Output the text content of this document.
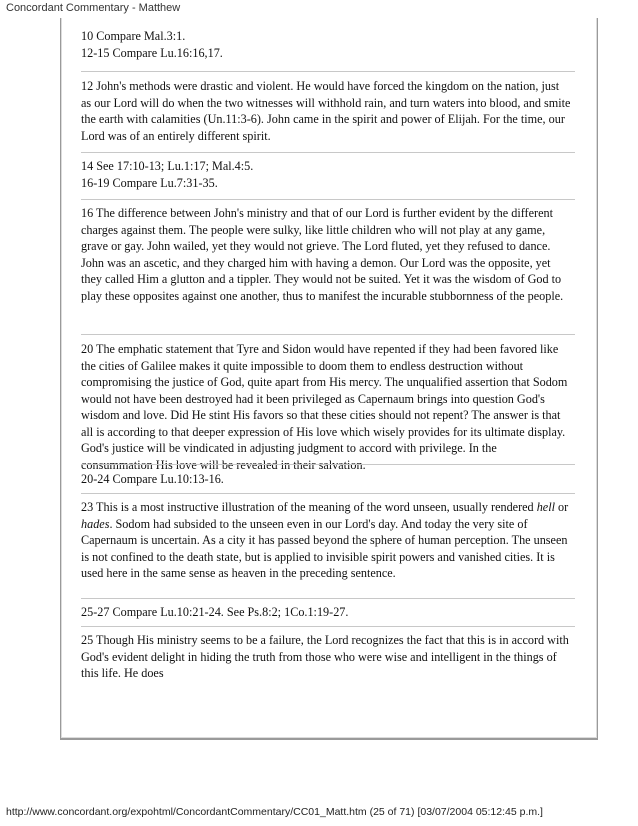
Concordant Commentary - Matthew

10 Compare Mal.3:1.

12-15 Compare Lu.16:16,17.

12 John's methods were drastic and violent. He would have forced the kingdom on the nation, just as our Lord will do when the two witnesses will withhold rain, and turn waters into blood, and smite the earth with calamities (Un.11:3-6). John came in the spirit and power of Elijah. For the time, our Lord was of an entirely different spirit.

14 See 17:10-13; Lu.1:17; Mal.4:5.

16-19 Compare Lu.7:31-35.

16 The difference between John's ministry and that of our Lord is further evident by the different charges against them. The people were sulky, like little children who will not play at any game, grave or gay. John wailed, yet they would not grieve. The Lord fluted, yet they refused to dance. John was an ascetic, and they charged him with having a demon. Our Lord was the opposite, yet they called Him a glutton and a tippler. They would not be suited. Yet it was the wisdom of God to play these opposites against one another, thus to manifest the incurable stubbornness of the people.

20 The emphatic statement that Tyre and Sidon would have repented if they had been favored like the cities of Galilee makes it quite impossible to doom them to endless destruction without compromising the justice of God, quite apart from His mercy. The unqualified assertion that Sodom would not have been destroyed had it been privileged as Capernaum brings into question God's wisdom and love. Did He stint His favors so that these cities should not repent? The answer is that all is according to that deeper expression of His love which wisely provides for its ultimate display. God's justice will be vindicated in adjusting judgment to accord with privilege. In the consummation His love will be revealed in their salvation.

20-24 Compare Lu.10:13-16.

23 This is a most instructive illustration of the meaning of the word unseen, usually rendered hell or hades. Sodom had subsided to the unseen even in our Lord's day. And today the very site of Capernaum is uncertain. As a city it has passed beyond the sphere of human perception. The unseen is not confined to the death state, but is applied to invisible spirit powers and vanished cities. It is used here in the same sense as heaven in the preceding sentence.

25-27 Compare Lu.10:21-24. See Ps.8:2; 1Co.1:19-27.

25 Though His ministry seems to be a failure, the Lord recognizes the fact that this is in accord with God's evident delight in hiding the truth from those who were wise and intelligent in the things of this life. He does

http://www.concordant.org/expohtml/ConcordantCommentary/CC01_Matt.htm (25 of 71) [03/07/2004 05:12:45 p.m.]
